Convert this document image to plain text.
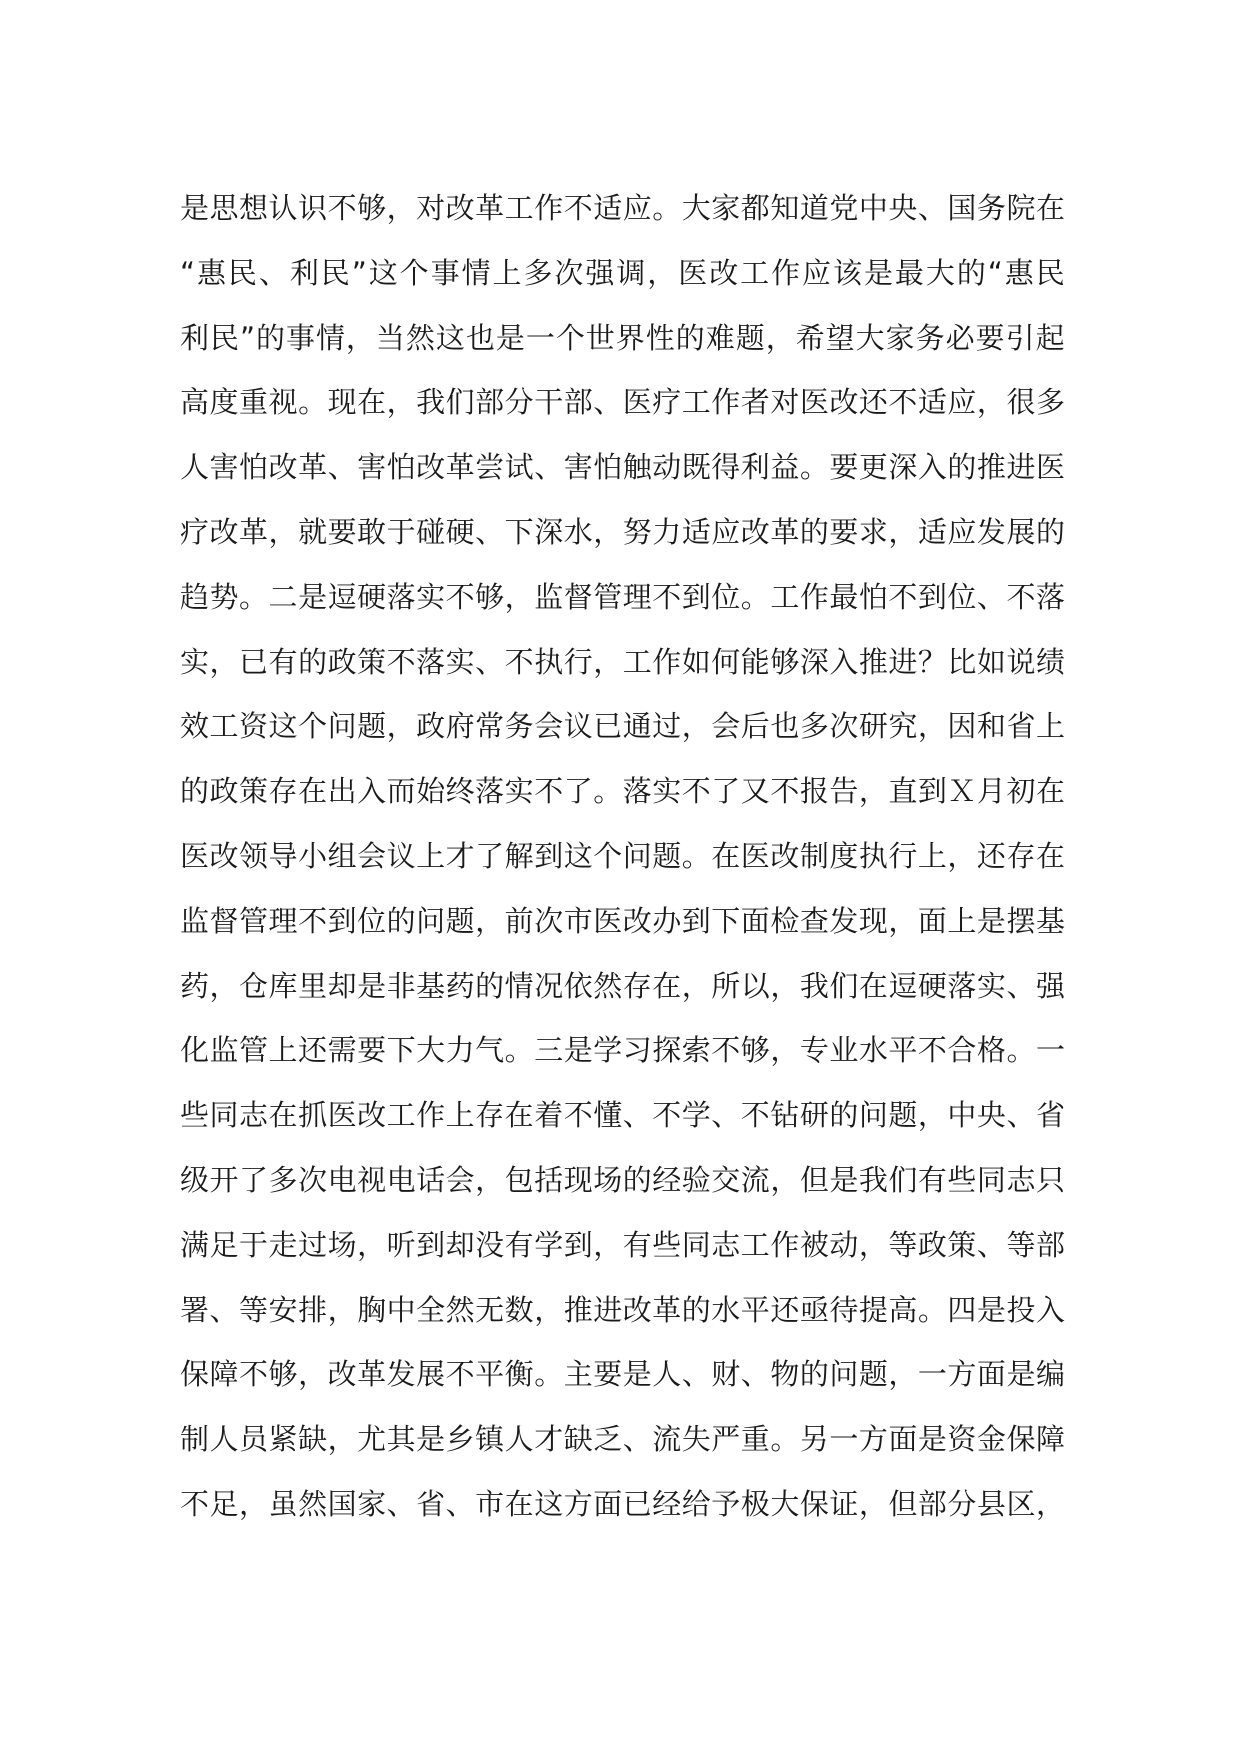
是 思 想 认 识 不 够 ， 对 改 革 工 作 不 适 应 。 大 家 都 知 道 党 中 央 、 国 务 院 在
“ 惠 民 、 利 民 ” 这 个 事 情 上 多 次 强 调 ， 医 改 工 作 应 该 是 最 大 的 “ 惠 民
利 民 ” 的 事 情 ， 当 然 这 也 是 一 个 世 界 性 的 难 题 ， 希 望 大 家 务 必 要 引 起
高 度 重 视 。 现 在 ， 我 们 部 分 干 部 、 医 疗 工 作 者 对 医 改 还 不 适 应 ， 很 多
人 害 怕 改 革 、 害 怕 改 革 尝 试 、 害 怕 触 动 既 得 利 益 。 要 更 深 入 的 推 进 医
疗 改 革 ， 就 要 敢 于 碰 硬 、 下 深 水 ， 努 力 适 应 改 革 的 要 求 ， 适 应 发 展 的
趋 势 。 二 是 逗 硬 落 实 不 够 ， 监 督 管 理 不 到 位 。 工 作 最 怕 不 到 位 、 不 落
实 ， 已 有 的 政 策 不 落 实 、 不 执 行 ， 工 作 如 何 能 够 深 入 推 进 ？ 比 如 说 绩
效 工 资 这 个 问 题 ， 政 府 常 务 会 议 已 通 过 ， 会 后 也 多 次 研 究 ， 因 和 省 上
的 政 策 存 在 出 入 而 始 终 落 实 不 了 。 落 实 不 了 又 不 报 告 ， 直 到 Ｘ 月 初 在
医 改 领 导 小 组 会 议 上 才 了 解 到 这 个 问 题 。 在 医 改 制 度 执 行 上 ， 还 存 在
监 督 管 理 不 到 位 的 问 题 ， 前 次 市 医 改 办 到 下 面 检 查 发 现 ， 面 上 是 摆 基
药 ， 仓 库 里 却 是 非 基 药 的 情 况 依 然 存 在 ， 所 以 ， 我 们 在 逗 硬 落 实 、 强
化 监 管 上 还 需 要 下 大 力 气 。 三 是 学 习 探 索 不 够 ， 专 业 水 平 不 合 格 。 一
些 同 志 在 抓 医 改 工 作 上 存 在 着 不 懂 、 不 学 、 不 钻 研 的 问 题 ， 中 央 、 省
级 开 了 多 次 电 视 电 话 会 ， 包 括 现 场 的 经 验 交 流 ， 但 是 我 们 有 些 同 志 只
满 足 于 走 过 场 ， 听 到 却 没 有 学 到 ， 有 些 同 志 工 作 被 动 ， 等 政 策 、 等 部
署 、 等 安 排 ， 胸 中 全 然 无 数 ， 推 进 改 革 的 水 平 还 亟 待 提 高 。 四 是 投 入
保 障 不 够 ， 改 革 发 展 不 平 衡 。 主 要 是 人 、 财 、 物 的 问 题 ， 一 方 面 是 编
制 人 员 紧 缺 ， 尤 其 是 乡 镇 人 才 缺 乏 、 流 失 严 重 。 另 一 方 面 是 资 金 保 障
不 足 ， 虽 然 国 家 、 省 、 市 在 这 方 面 已 经 给 予 极 大 保 证 ， 但 部 分 县 区 ，
